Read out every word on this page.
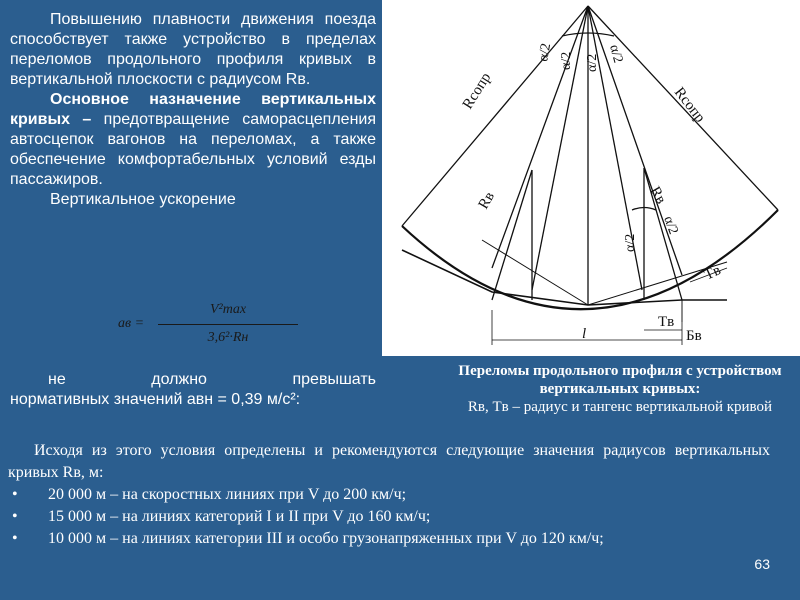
Повышению плавности движения поезда способствует также устройство в пределах переломов продольного профиля кривых в вертикальной плоскости с радиусом Rв.

Основное назначение вертикальных кривых – предотвращение саморасцепления автосцепок вагонов на переломах, а также обеспечение комфортабельных условий езды пассажиров.

Вертикальное ускорение

aв =
V²max
3,6²·Rн
не	должно	превышать
нормативных значений aвн = 0,39 м/с²:
Rсопр	Rсопр
Rв	Rв
α/2 α/2 α/2 α/2
α/2
α/2
Tв
Бв
Tв
l
Переломы продольного профиля с устройством вертикальных кривых:
Rв, Tв – радиус и тангенс вертикальной кривой

Исходя из этого условия определены и рекомендуются следующие значения радиусов вертикальных кривых Rв, м:

• 20 000 м – на скоростных линиях при V до 200 км/ч;
• 15 000 м – на линиях категорий I и II при V до 160 км/ч;
• 10 000 м – на линиях категории III и особо грузонапряженных при V до 120 км/ч;
63
